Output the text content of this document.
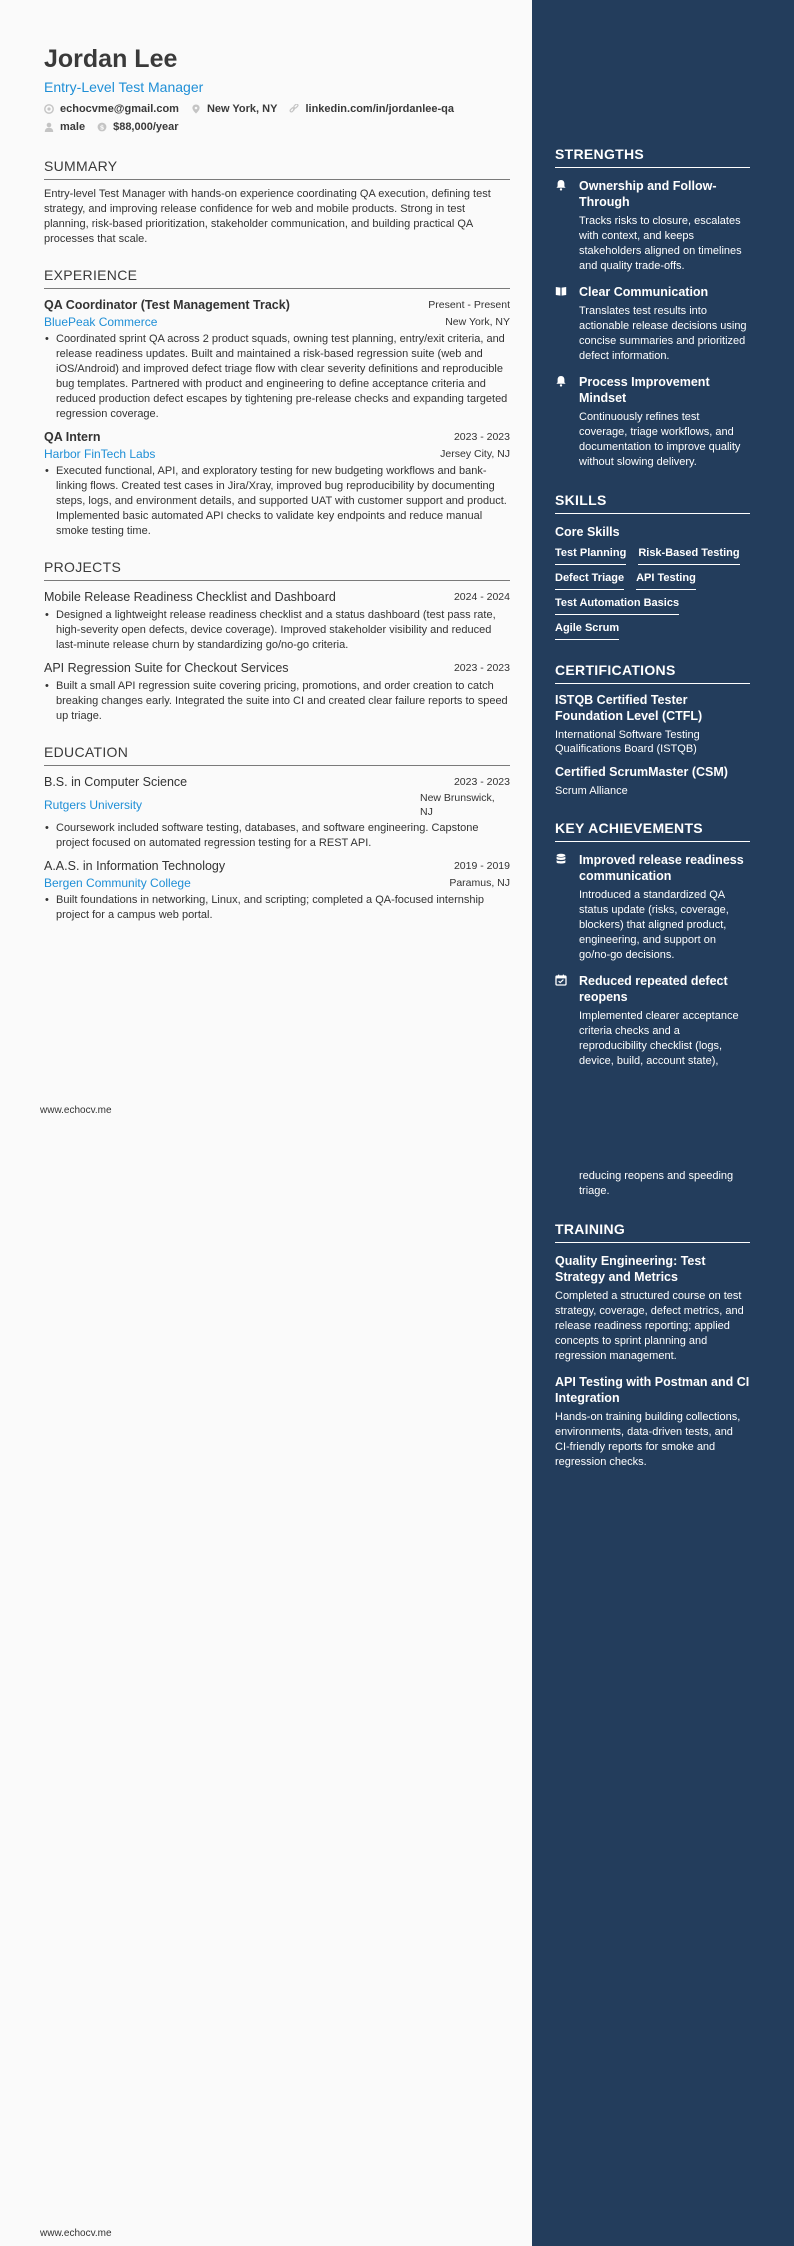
Jordan Lee
Entry-Level Test Manager
echocvme@gmail.com	New York, NY	linkedin.com/in/jordanlee-qa
male $ $88,000/year
SUMMARY
Entry-level Test Manager with hands-on experience coordinating QA execution, defining test strategy, and improving release confidence for web and mobile products. Strong in test planning, risk-based prioritization, stakeholder communication, and building practical QA processes that scale.
EXPERIENCE
QA Coordinator (Test Management Track)	Present - Present
BluePeak Commerce	New York, NY
• Coordinated sprint QA across 2 product squads, owning test planning, entry/exit criteria, and release readiness updates. Built and maintained a risk-based regression suite (web and iOS/Android) and improved defect triage flow with clear severity definitions and reproducible bug templates. Partnered with product and engineering to define acceptance criteria and reduced production defect escapes by tightening pre-release checks and expanding targeted regression coverage.
QA Intern	2023 - 2023
Harbor FinTech Labs	Jersey City, NJ
• Executed functional, API, and exploratory testing for new budgeting workflows and bank-linking flows. Created test cases in Jira/Xray, improved bug reproducibility by documenting steps, logs, and environment details, and supported UAT with customer support and product. Implemented basic automated API checks to validate key endpoints and reduce manual smoke testing time.
PROJECTS
Mobile Release Readiness Checklist and Dashboard	2024 - 2024
• Designed a lightweight release readiness checklist and a status dashboard (test pass rate, high-severity open defects, device coverage). Improved stakeholder visibility and reduced last-minute release churn by standardizing go/no-go criteria.
API Regression Suite for Checkout Services	2023 - 2023
• Built a small API regression suite covering pricing, promotions, and order creation to catch breaking changes early. Integrated the suite into CI and created clear failure reports to speed up triage.
EDUCATION
B.S. in Computer Science	2023 - 2023
Rutgers University	New Brunswick, NJ
• Coursework included software testing, databases, and software engineering. Capstone project focused on automated regression testing for a REST API.
A.A.S. in Information Technology	2019 - 2019
Bergen Community College	Paramus, NJ
• Built foundations in networking, Linux, and scripting; completed a QA-focused internship project for a campus web portal.
www.echocv.me
www.echocv.me
STRENGTHS
Ownership and Follow-Through
Tracks risks to closure, escalates with context, and keeps stakeholders aligned on timelines and quality trade-offs.
Clear Communication
Translates test results into actionable release decisions using concise summaries and prioritized defect information.
Process Improvement Mindset
Continuously refines test coverage, triage workflows, and documentation to improve quality without slowing delivery.
SKILLS
Core Skills
Test Planning Risk-Based Testing
Defect Triage API Testing
Test Automation Basics
Agile Scrum
CERTIFICATIONS
ISTQB Certified Tester Foundation Level (CTFL)
International Software Testing Qualifications Board (ISTQB)
Certified ScrumMaster (CSM)
Scrum Alliance
KEY ACHIEVEMENTS
Improved release readiness communication
Introduced a standardized QA status update (risks, coverage, blockers) that aligned product, engineering, and support on go/no-go decisions.
Reduced repeated defect reopens
Implemented clearer acceptance criteria checks and a reproducibility checklist (logs, device, build, account state),
reducing reopens and speeding triage.
TRAINING
Quality Engineering: Test Strategy and Metrics
Completed a structured course on test strategy, coverage, defect metrics, and release readiness reporting; applied concepts to sprint planning and regression management.
API Testing with Postman and CI Integration
Hands-on training building collections, environments, data-driven tests, and CI-friendly reports for smoke and regression checks.
